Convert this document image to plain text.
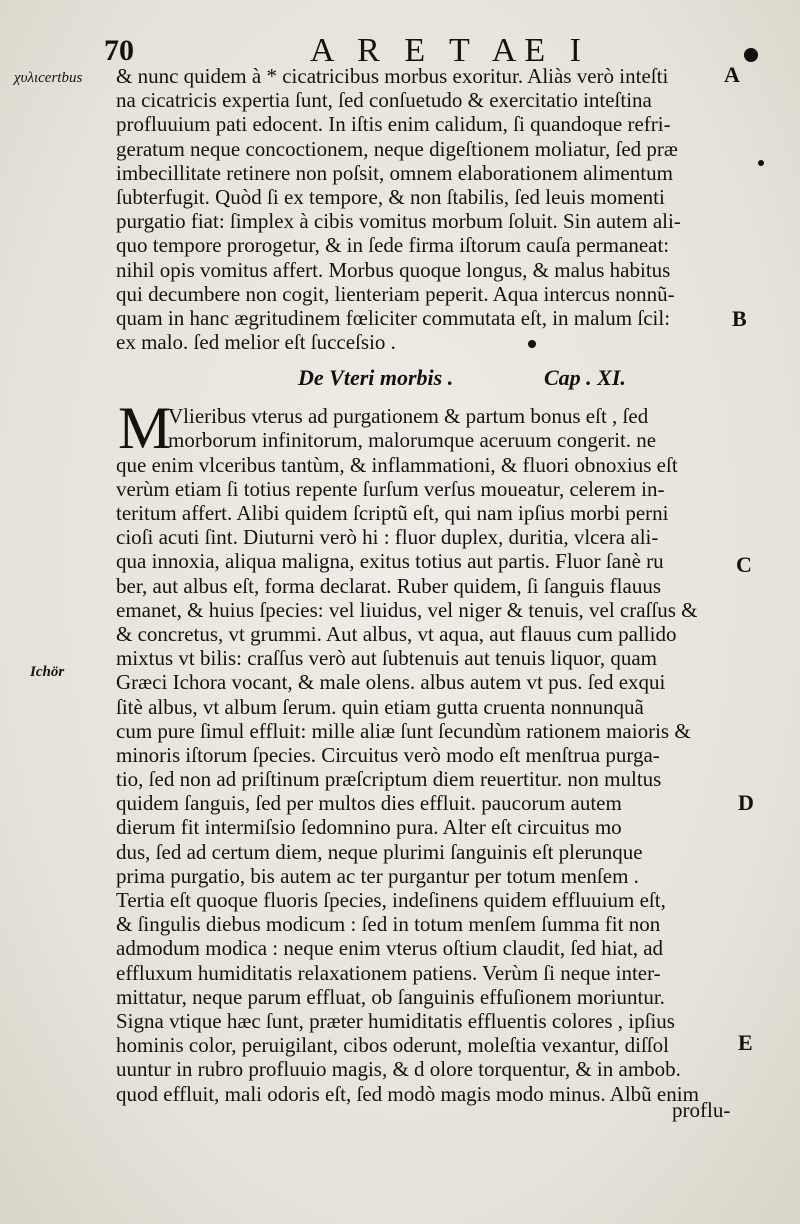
70	A R E T AE I
χυλιcertbus
Ichör
A
B
C
D
E
& nunc quidem à * cicatricibus morbus exoritur. Aliàs verò inteſti
na cicatricis expertia ſunt, ſed conſuetudo & exercitatio inteſtina
profluuium pati edocent. In iſtis enim calidum, ſi quandoque refri-
geratum neque concoctionem, neque digeſtionem moliatur, ſed præ
imbecillitate retinere non poſsit, omnem elaborationem alimentum
ſubterfugit. Quòd ſi ex tempore, & non ſtabilis, ſed leuis momenti
purgatio fiat: ſimplex à cibis vomitus morbum ſoluit. Sin autem ali-
quo tempore prorogetur, & in ſede firma iſtorum cauſa permaneat:
nihil opis vomitus affert. Morbus quoque longus, & malus habitus
qui decumbere non cogit, lienteriam peperit. Aqua intercus nonnũ-
quam in hanc ægritudinem fœliciter commutata eſt, in malum ſcil:
ex malo. ſed melior eſt ſucceſsio .
De Vteri morbis .	Cap . XI.
Vlieribus vterus ad purgationem & partum bonus eſt , ſed
morborum infinitorum, malorumque aceruum congerit. ne
que enim vlceribus tantùm, & inflammationi, & fluori obnoxius eſt
verùm etiam ſi totius repente ſurſum verſus moueatur, celerem in-
teritum affert. Alibi quidem ſcriptũ eſt, qui nam ipſius morbi perni
cioſi acuti ſint. Diuturni verò hi : fluor duplex, duritia, vlcera ali-
qua innoxia, aliqua maligna, exitus totius aut partis. Fluor ſanè ru
ber, aut albus eſt, forma declarat. Ruber quidem, ſi ſanguis flauus
emanet, & huius ſpecies: vel liuidus, vel niger & tenuis, vel craſſus &
& concretus, vt grummi. Aut albus, vt aqua, aut flauus cum pallido
mixtus vt bilis: craſſus verò aut ſubtenuis aut tenuis liquor, quam
Græci Ichora vocant, & male olens. albus autem vt pus. ſed exqui
ſitè albus, vt album ſerum. quin etiam gutta cruenta nonnunquã
cum pure ſimul effluit: mille aliæ ſunt ſecundùm rationem maioris &
minoris iſtorum ſpecies. Circuitus verò modo eſt menſtrua purga-
tio, ſed non ad priſtinum præſcriptum diem reuertitur. non multus
quidem ſanguis, ſed per multos dies effluit. paucorum autem
dierum fit intermiſsio ſedomnino pura. Alter eſt circuitus mo
dus, ſed ad certum diem, neque plurimi ſanguinis eſt plerunque
prima purgatio, bis autem ac ter purgantur per totum menſem .
Tertia eſt quoque fluoris ſpecies, indeſinens quidem effluuium eſt,
& ſingulis diebus modicum : ſed in totum menſem ſumma fit non
admodum modica : neque enim vterus oſtium claudit, ſed hiat, ad
effluxum humiditatis relaxationem patiens. Verùm ſi neque inter-
mittatur, neque parum effluat, ob ſanguinis effuſionem moriuntur.
Signa vtique hæc ſunt, præter humiditatis effluentis colores , ipſius
hominis color, peruigilant, cibos oderunt, moleſtia vexantur, diſſol
uuntur in rubro profluuio magis, & d olore torquentur, & in ambob.
quod effluit, mali odoris eſt, ſed modò magis modo minus. Albũ enim
M
proflu-
